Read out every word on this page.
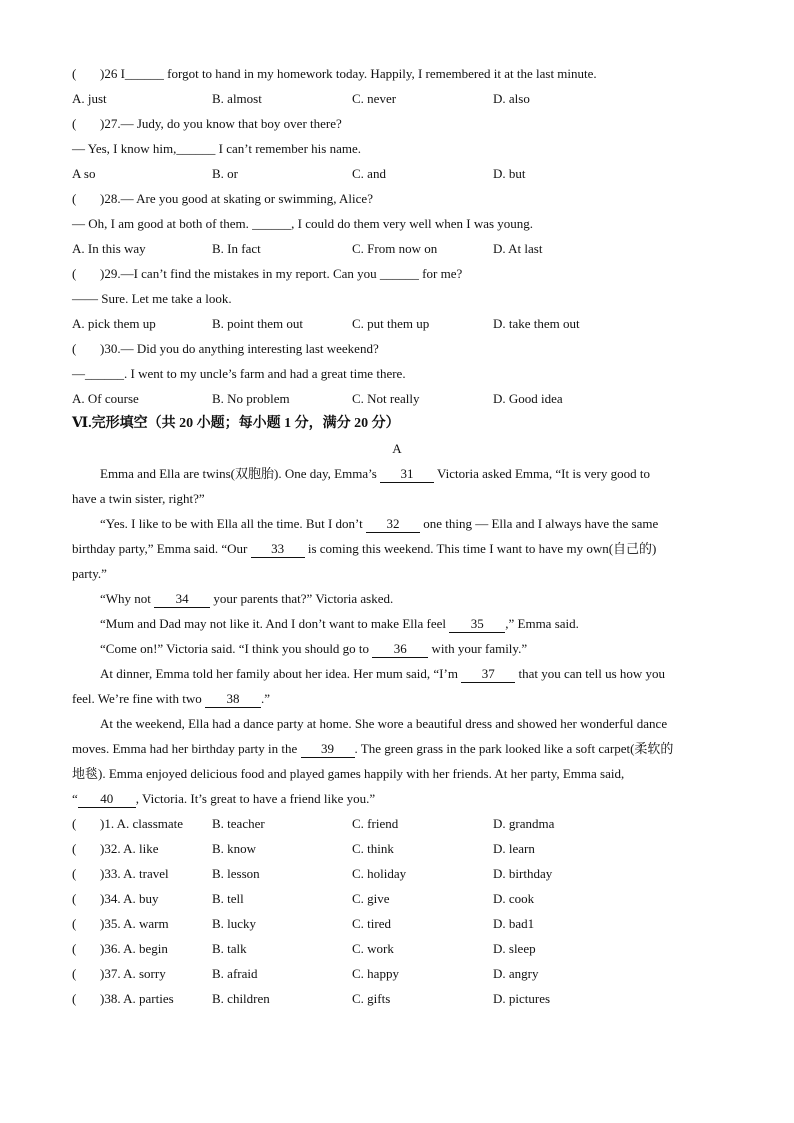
( )26 I______ forgot to hand in my homework today. Happily, I remembered it at the last minute.
A. just	B. almost	C. never	D. also
( )27.— Judy, do you know that boy over there?
— Yes, I know him,______ I can’t remember his name.
A so	B. or	C. and	D. but
( )28.— Are you good at skating or swimming, Alice?
— Oh, I am good at both of them. ______, I could do them very well when I was young.
A. In this way	B. In fact	C. From now on	D. At last
( )29.—I can’t find the mistakes in my report. Can you ______ for me?
—— Sure. Let me take a look.
A. pick them up	B. point them out	C. put them up	D. take them out
( )30.— Did you do anything interesting last weekend?
—______. I went to my uncle’s farm and had a great time there.
A. Of course	B. No problem	C. Not really	D. Good idea
Ⅵ.完形填空（共 20 小题；每小题 1 分，满分 20 分）
A
Emma and Ella are twins(双胞胎). One day, Emma’s 31 Victoria asked Emma, “It is very good to
have a twin sister, right?”
“Yes. I like to be with Ella all the time. But I don’t 32 one thing — Ella and I always have the same
birthday party,” Emma said. “Our 33 is coming this weekend. This time I want to have my own(自己的)
party.”
“Why not 34 your parents that?” Victoria asked.
“Mum and Dad may not like it. And I don’t want to make Ella feel 35 ,” Emma said.
“Come on!” Victoria said. “I think you should go to 36 with your family.”
At dinner, Emma told her family about her idea. Her mum said, “I’m 37 that you can tell us how you
feel. We’re fine with two 38 .”
At the weekend, Ella had a dance party at home. She wore a beautiful dress and showed her wonderful dance
moves. Emma had her birthday party in the 39 . The green grass in the park looked like a soft carpet(柔软的
地毯). Emma enjoyed delicious food and played games happily with her friends. At her party, Emma said,
“ 40 , Victoria. It’s great to have a friend like you.”
( )1. A. classmate B. teacher	C. friend	D. grandma
( )32. A. like	B. know	C. think	D. learn
( )33. A. travel	B. lesson	C. holiday	D. birthday
( )34. A. buy	B. tell	C. give	D. cook
( )35. A. warm	B. lucky	C. tired	D. bad1
( )36. A. begin	B. talk	C. work	D. sleep
( )37. A. sorry	B. afraid	C. happy	D. angry
( )38. A. parties	B. children	C. gifts	D. pictures
